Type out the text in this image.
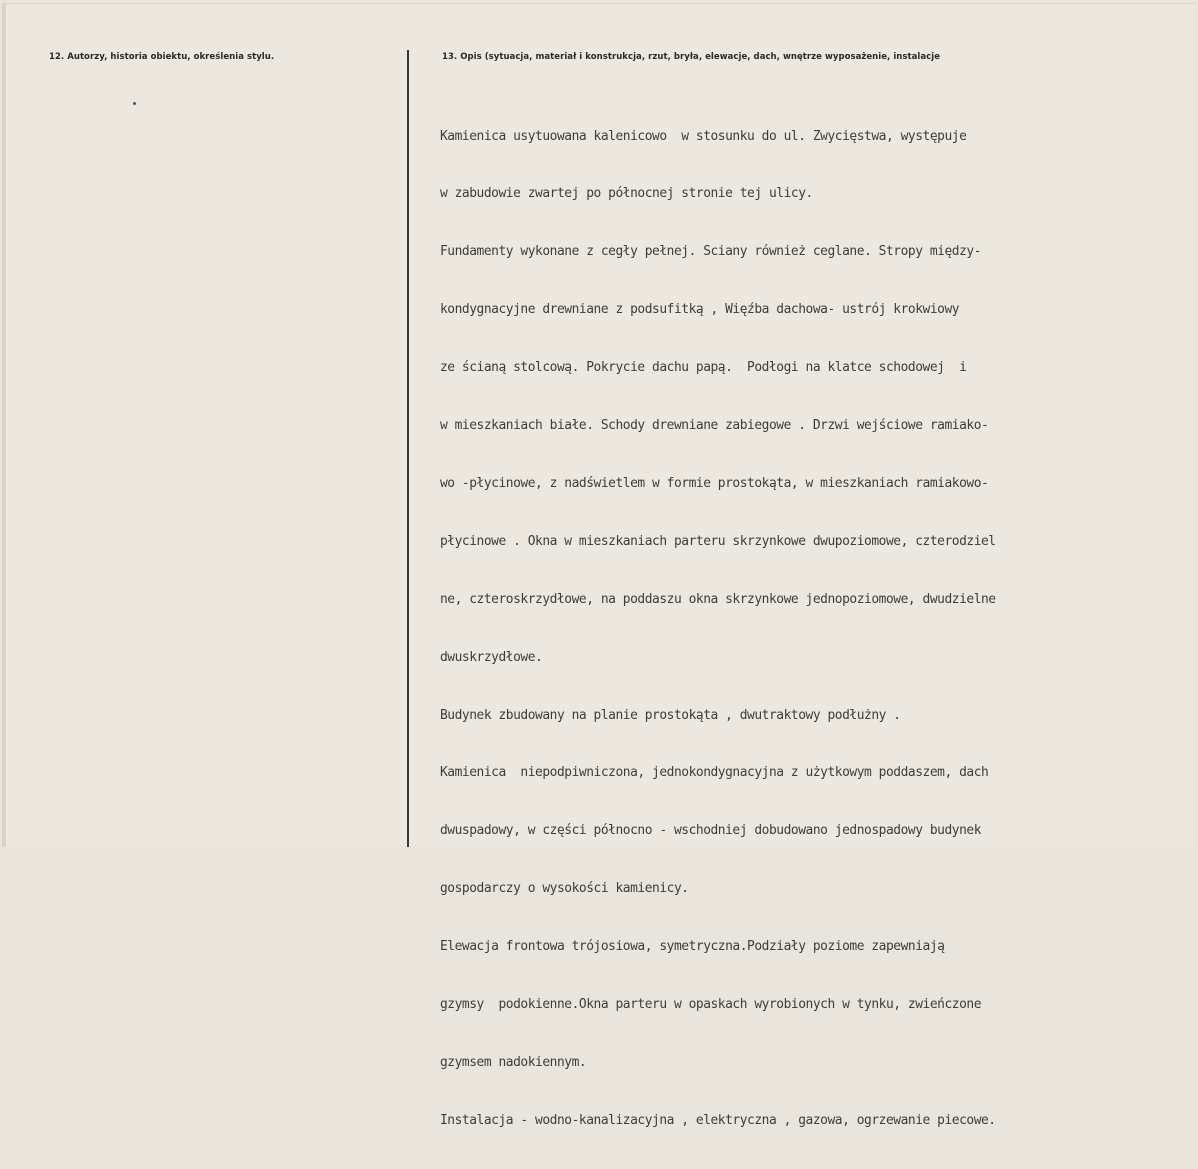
12. Autorzy, historia obiektu, określenia stylu.	13. Opis (sytuacja, materiał i konstrukcja, rzut, bryła, elewacje, dach, wnętrze wyposażenie, instalacje

Kamienica usytuowana kalenicowo  w stosunku do ul. Zwycięstwa, występuje

w zabudowie zwartej po północnej stronie tej ulicy.

Fundamenty wykonane z cegły pełnej. Sciany również ceglane. Stropy między-

kondygnacyjne drewniane z podsufitką , Więźba dachowa- ustrój krokwiowy

ze ścianą stolcową. Pokrycie dachu papą.  Podłogi na klatce schodowej  i

w mieszkaniach białe. Schody drewniane zabiegowe . Drzwi wejściowe ramiako-

wo -płycinowe, z nadświetlem w formie prostokąta, w mieszkaniach ramiakowo-

płycinowe . Okna w mieszkaniach parteru skrzynkowe dwupoziomowe, czterodziel

ne, czteroskrzydłowe, na poddaszu okna skrzynkowe jednopoziomowe, dwudzielne

dwuskrzydłowe.

Budynek zbudowany na planie prostokąta , dwutraktowy podłużny .

Kamienica  niepodpiwniczona, jednokondygnacyjna z użytkowym poddaszem, dach

dwuspadowy, w części północno - wschodniej dobudowano jednospadowy budynek

gospodarczy o wysokości kamienicy.

Elewacja frontowa trójosiowa, symetryczna.Podziały poziome zapewniają

gzymsy  podokienne.Okna parteru w opaskach wyrobionych w tynku, zwieńczone

gzymsem nadokiennym.

Instalacja - wodno-kanalizacyjna , elektryczna , gazowa, ogrzewanie piecowe.
